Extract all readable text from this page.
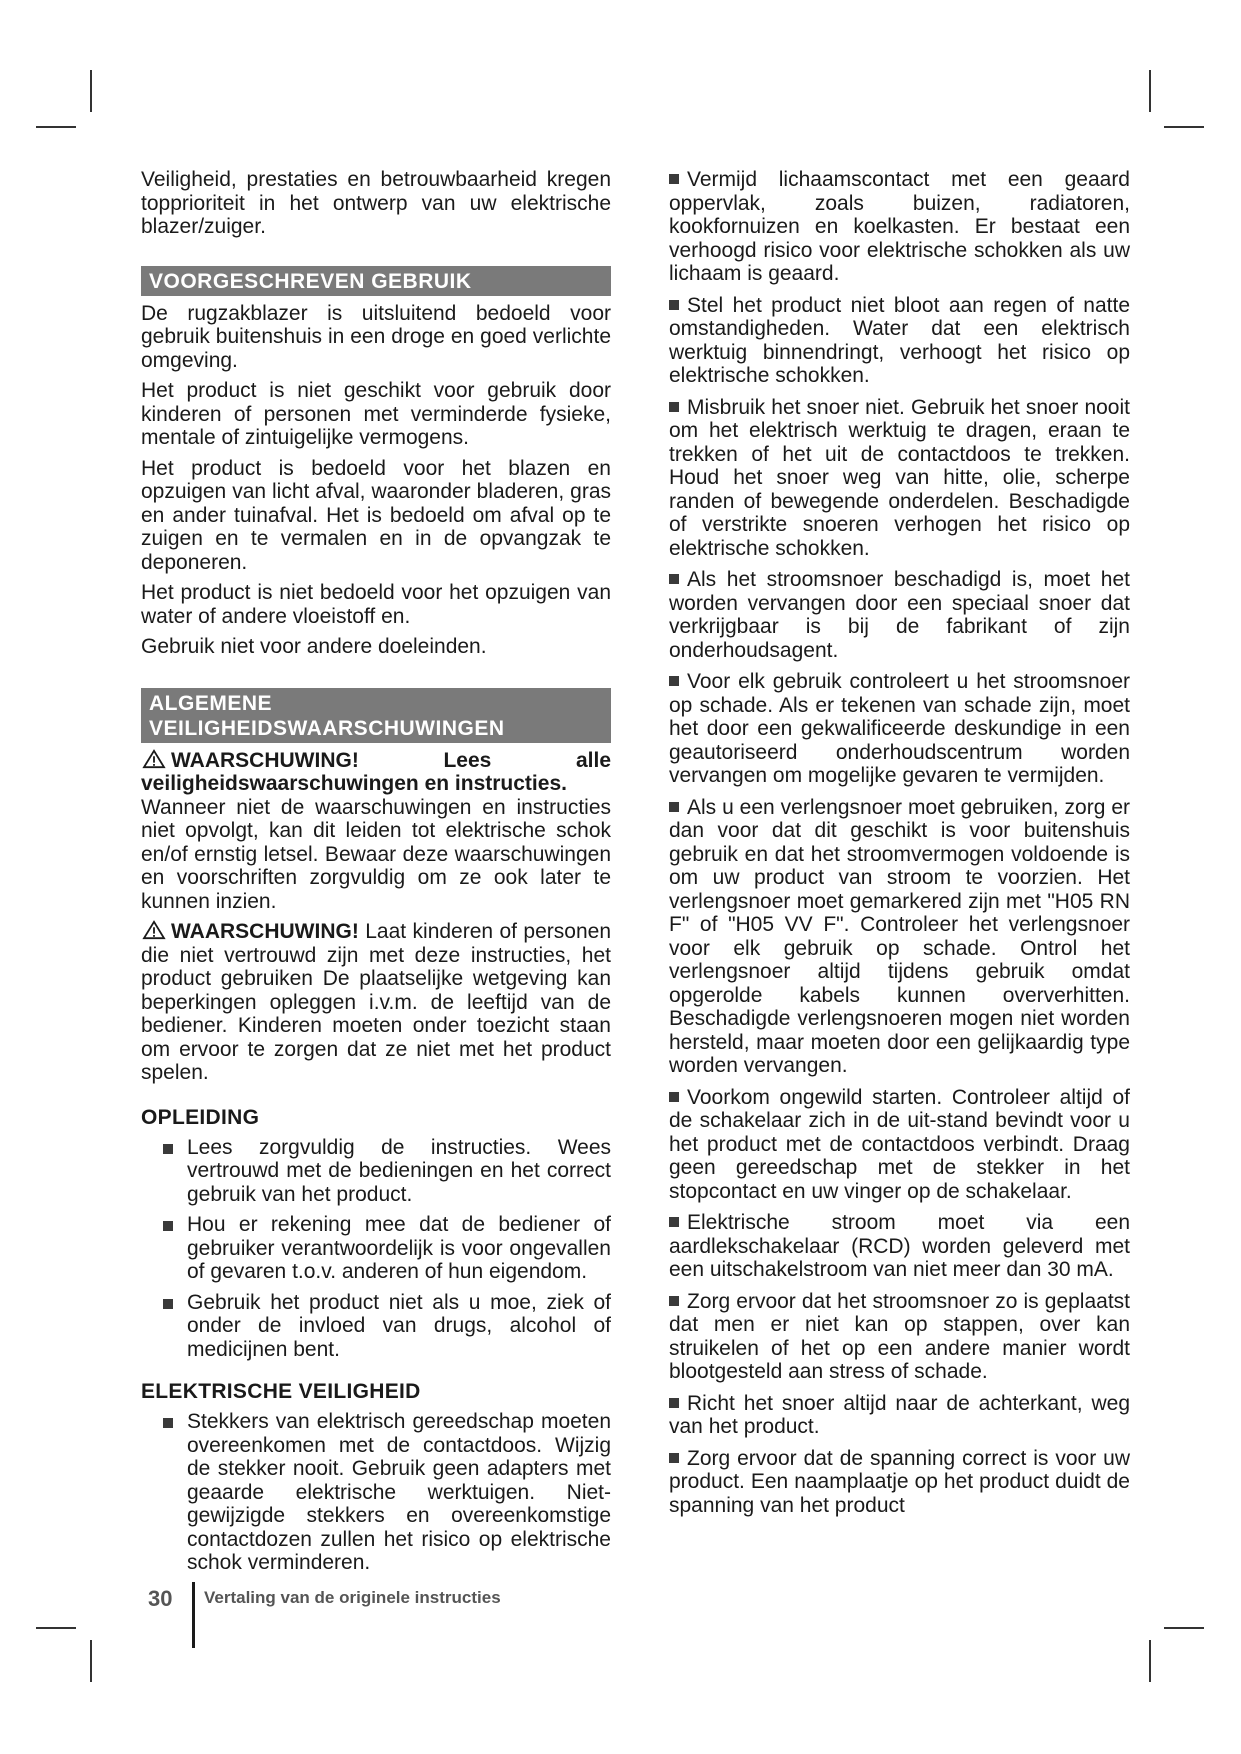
Veiligheid, prestaties en betrouwbaarheid kregen topprioriteit in het ontwerp van uw elektrische blazer/zuiger.

VOORGESCHREVEN GEBRUIK

De rugzakblazer is uitsluitend bedoeld voor gebruik buitenshuis in een droge en goed verlichte omgeving.

Het product is niet geschikt voor gebruik door kinderen of personen met verminderde fysieke, mentale of zintuigelijke vermogens.

Het product is bedoeld voor het blazen en opzuigen van licht afval, waaronder bladeren, gras en ander tuinafval. Het is bedoeld om afval op te zuigen en te vermalen en in de opvangzak te deponeren.

Het product is niet bedoeld voor het opzuigen van water of andere vloeistoff en.

Gebruik niet voor andere doeleinden.

ALGEMENE
VEILIGHEIDSWAARSCHUWINGEN

WAARSCHUWING! Lees alle veiligheidswaarschuwingen en instructies.

Wanneer niet de waarschuwingen en instructies niet opvolgt, kan dit leiden tot elektrische schok en/of ernstig letsel. Bewaar deze waarschuwingen en voorschriften zorgvuldig om ze ook later te kunnen inzien.

WAARSCHUWING! Laat kinderen of personen die niet vertrouwd zijn met deze instructies, het product gebruiken De plaatselijke wetgeving kan beperkingen opleggen i.v.m. de leeftijd van de bediener. Kinderen moeten onder toezicht staan om ervoor te zorgen dat ze niet met het product spelen.

OPLEIDING
Lees zorgvuldig de instructies. Wees vertrouwd met de bedieningen en het correct gebruik van het product.
Hou er rekening mee dat de bediener of gebruiker verantwoordelijk is voor ongevallen of gevaren t.o.v. anderen of hun eigendom.
Gebruik het product niet als u moe, ziek of onder de invloed van drugs, alcohol of medicijnen bent.
ELEKTRISCHE VEILIGHEID
Stekkers van elektrisch gereedschap moeten overeenkomen met de contactdoos. Wijzig de stekker nooit. Gebruik geen adapters met geaarde elektrische werktuigen. Niet-gewijzigde stekkers en overeenkomstige contactdozen zullen het risico op elektrische schok verminderen.
Vermijd lichaamscontact met een geaard oppervlak, zoals buizen, radiatoren, kookfornuizen en koelkasten. Er bestaat een verhoogd risico voor elektrische schokken als uw lichaam is geaard.
Stel het product niet bloot aan regen of natte omstandigheden. Water dat een elektrisch werktuig binnendringt, verhoogt het risico op elektrische schokken.
Misbruik het snoer niet. Gebruik het snoer nooit om het elektrisch werktuig te dragen, eraan te trekken of het uit de contactdoos te trekken. Houd het snoer weg van hitte, olie, scherpe randen of bewegende onderdelen. Beschadigde of verstrikte snoeren verhogen het risico op elektrische schokken.
Als het stroomsnoer beschadigd is, moet het worden vervangen door een speciaal snoer dat verkrijgbaar is bij de fabrikant of zijn onderhoudsagent.
Voor elk gebruik controleert u het stroomsnoer op schade. Als er tekenen van schade zijn, moet het door een gekwalificeerde deskundige in een geautoriseerd onderhoudscentrum worden vervangen om mogelijke gevaren te vermijden.
Als u een verlengsnoer moet gebruiken, zorg er dan voor dat dit geschikt is voor buitenshuis gebruik en dat het stroomvermogen voldoende is om uw product van stroom te voorzien. Het verlengsnoer moet gemarkered zijn met "H05 RN F" of "H05 VV F". Controleer het verlengsnoer voor elk gebruik op schade. Ontrol het verlengsnoer altijd tijdens gebruik omdat opgerolde kabels kunnen oververhitten. Beschadigde verlengsnoeren mogen niet worden hersteld, maar moeten door een gelijkaardig type worden vervangen.
Voorkom ongewild starten. Controleer altijd of de schakelaar zich in de uit-stand bevindt voor u het product met de contactdoos verbindt. Draag geen gereedschap met de stekker in het stopcontact en uw vinger op de schakelaar.
Elektrische stroom moet via een aardlekschakelaar (RCD) worden geleverd met een uitschakelstroom van niet meer dan 30 mA.
Zorg ervoor dat het stroomsnoer zo is geplaatst dat men er niet kan op stappen, over kan struikelen of het op een andere manier wordt blootgesteld aan stress of schade.
Richt het snoer altijd naar de achterkant, weg van het product.
Zorg ervoor dat de spanning correct is voor uw product. Een naamplaatje op het product duidt de spanning van het product
30 Vertaling van de originele instructies
